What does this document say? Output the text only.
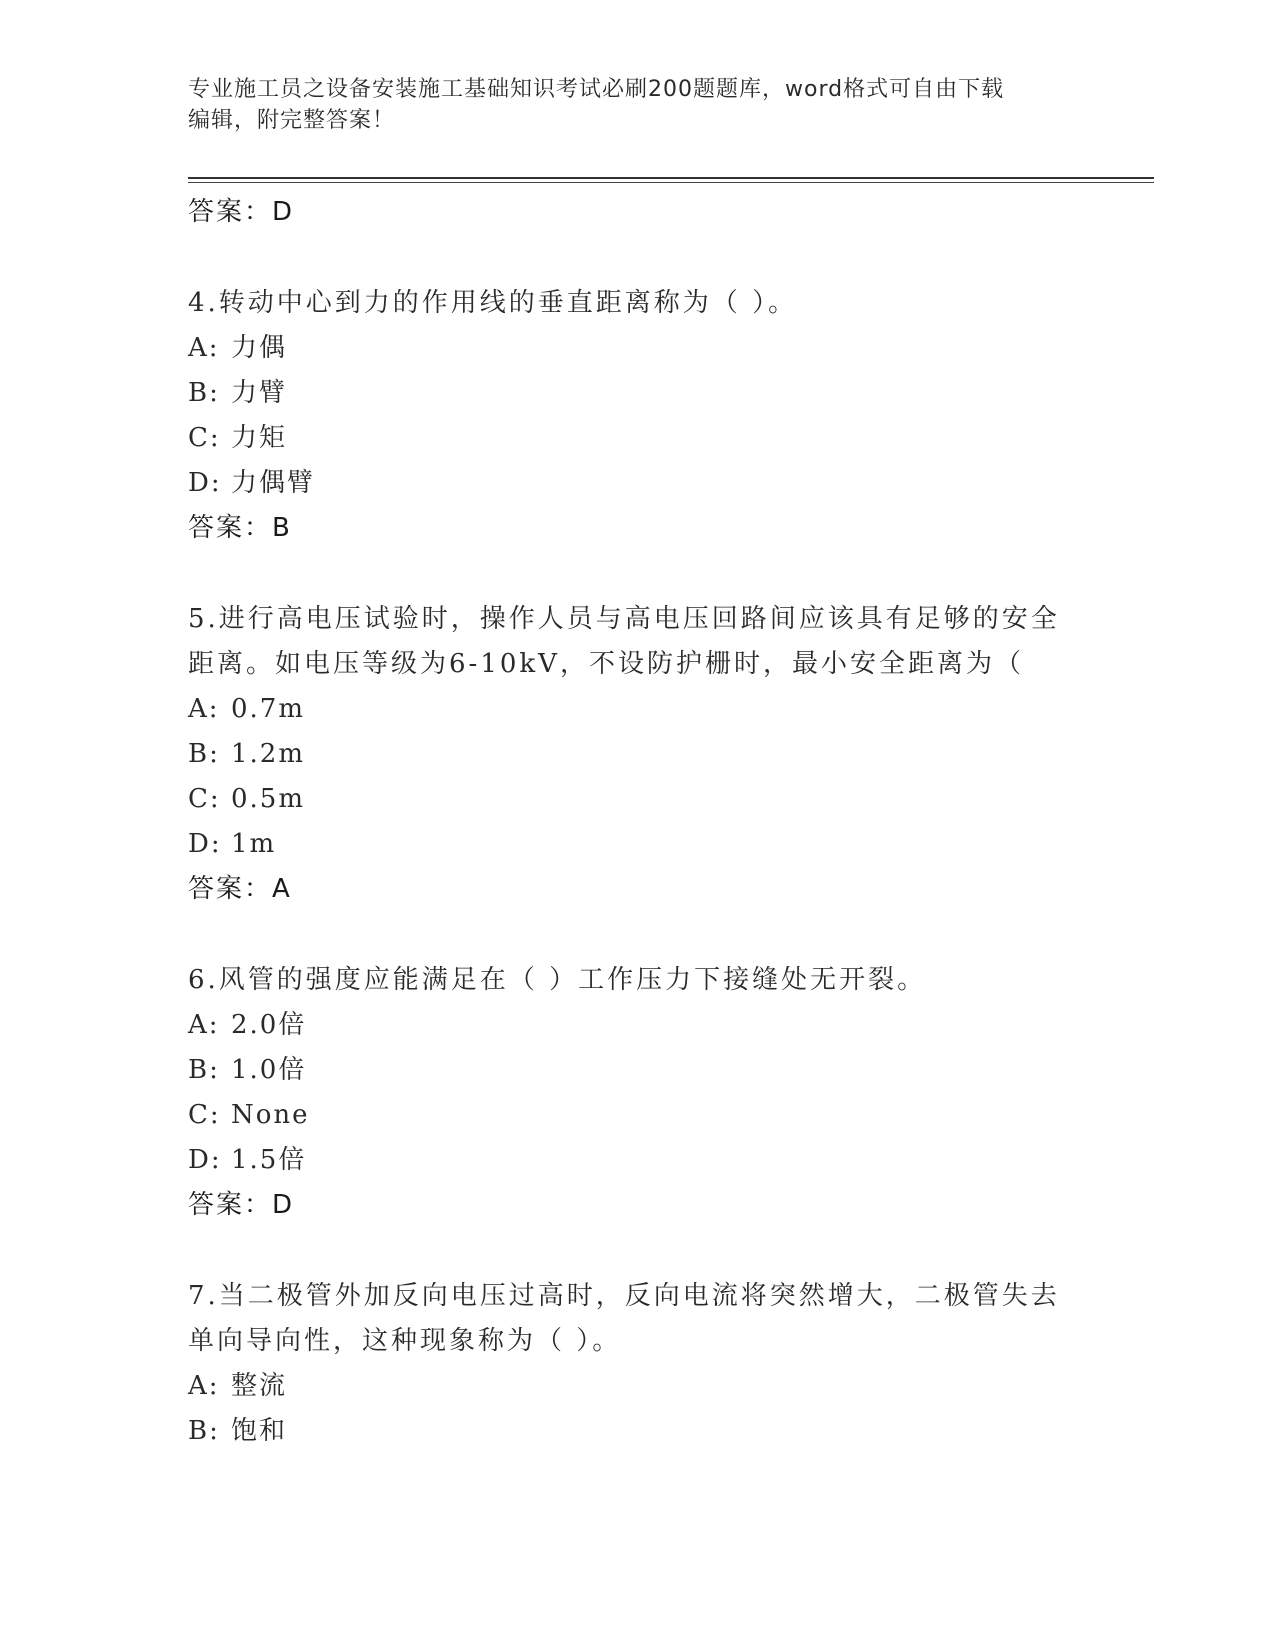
专业施工员之设备安装施工基础知识考试必刷200题题库，word格式可自由下载
编辑，附完整答案！
答案：D
4.转动中心到力的作用线的垂直距离称为（ ）。
A: 力偶
B: 力臂
C: 力矩
D: 力偶臂
答案：B
5.进行高电压试验时，操作人员与高电压回路间应该具有足够的安全距离。如电压等级为6-10kV，不设防护栅时，最小安全距离为（
A: 0.7m
B: 1.2m
C: 0.5m
D: 1m
答案：A
6.风管的强度应能满足在（ ）工作压力下接缝处无开裂。
A: 2.0倍
B: 1.0倍
C: None
D: 1.5倍
答案：D
7.当二极管外加反向电压过高时，反向电流将突然增大，二极管失去单向导向性，这种现象称为（ ）。
A: 整流
B: 饱和
